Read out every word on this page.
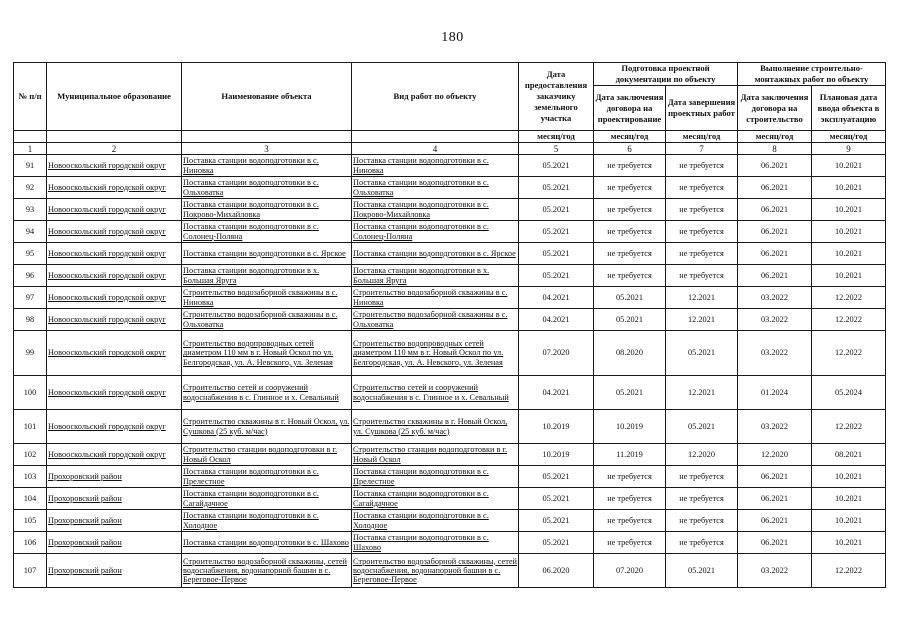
180
№ п/п	Муниципальное образование	Наименование объекта	Вид работ по объекту	Дата предоставления заказчику земельного участка	Подготовка проектной документации по объекту		Выполнение строительно-монтажных работ по объекту	
					Дата заключения договора на проектирование	Дата завершения проектных работ	Дата заключения договора на строительство	Плановая дата ввода объекта в эксплуатацию
				месяц/год	месяц/год	месяц/год	месяц/год	месяц/год
1	2	3	4	5	6	7	8	9
91	Новооскольский городской округ	Поставка станции водоподготовки в с. Ниновка	Поставка станции водоподготовки в с. Ниновка	05.2021	не требуется	не требуется	06.2021	10.2021
92	Новооскольский городской округ	Поставка станции водоподготовки в с. Ольховатка	Поставка станции водоподготовки в с. Ольховатка	05.2021	не требуется	не требуется	06.2021	10.2021
93	Новооскольский городской округ	Поставка станции водоподготовки в с. Покрово-Михайловка	Поставка станции водоподготовки в с. Покрово-Михайловка	05.2021	не требуется	не требуется	06.2021	10.2021
94	Новооскольский городской округ	Поставка станции водоподготовки в с. Солонец-Поляна	Поставка станции водоподготовки в с. Солонец-Поляна	05.2021	не требуется	не требуется	06.2021	10.2021
95	Новооскольский городской округ	Поставка станции водоподготовки в с. Ярское	Поставка станции водоподготовки в с. Ярское	05.2021	не требуется	не требуется	06.2021	10.2021
96	Новооскольский городской округ	Поставка станции водоподготовки в х. Большая Яруга	Поставка станции водоподготовки в х. Большая Яруга	05.2021	не требуется	не требуется	06.2021	10.2021
97	Новооскольский городской округ	Строительство водозаборной скважины в с. Ниновка	Строительство водозаборной скважины в с. Ниновка	04.2021	05.2021	12.2021	03.2022	12.2022
98	Новооскольский городской округ	Строительство водозаборной скважины в с. Ольховатка	Строительство водозаборной скважины в с. Ольховатка	04.2021	05.2021	12.2021	03.2022	12.2022
99	Новооскольский городской округ	Строительство водопроводных сетей диаметром 110 мм в г. Новый Оскол по ул. Белгородская, ул. А. Невского, ул. Зеленая	Строительство водопроводных сетей диаметром 110 мм в г. Новый Оскол по ул. Белгородская, ул. А. Невского, ул. Зеленая	07.2020	08.2020	05.2021	03.2022	12.2022
100	Новооскольский городской округ	Строительство сетей и сооружений водоснабжения в с. Глинное и х. Севальный	Строительство сетей и сооружений водоснабжения в с. Глинное и х. Севальный	04.2021	05.2021	12.2021	01.2024	05.2024
101	Новооскольский городской округ	Строительство скважины в г. Новый Оскол, ул. Сушкова (25 куб. м/час)	Строительство скважины в г. Новый Оскол, ул. Сушкова (25 куб. м/час)	10.2019	10.2019	05.2021	03.2022	12.2022
102	Новооскольский городской округ	Строительство станции водоподготовки в г. Новый Оскол	Строительство станции водоподготовки в г. Новый Оскол	10.2019	11.2019	12.2020	12.2020	08.2021
103	Прохоровский район	Поставка станции водоподготовки в с. Прелестное	Поставка станции водоподготовки в с. Прелестное	05.2021	не требуется	не требуется	06.2021	10.2021
104	Прохоровский район	Поставка станции водоподготовки в с. Сагайдачное	Поставка станции водоподготовки в с. Сагайдачное	05.2021	не требуется	не требуется	06.2021	10.2021
105	Прохоровский район	Поставка станции водоподготовки в с. Холодное	Поставка станции водоподготовки в с. Холодное	05.2021	не требуется	не требуется	06.2021	10.2021
106	Прохоровский район	Поставка станции водоподготовки в с. Шахово	Поставка станции водоподготовки в с. Шахово	05.2021	не требуется	не требуется	06.2021	10.2021
107	Прохоровский район	Строительство водозаборной скважины, сетей водоснабжения, водонапорной башни в с. Береговое-Первое	Строительство водозаборной скважины, сетей водоснабжения, водонапорной башни в с. Береговое-Первое	06.2020	07.2020	05.2021	03.2022	12.2022
